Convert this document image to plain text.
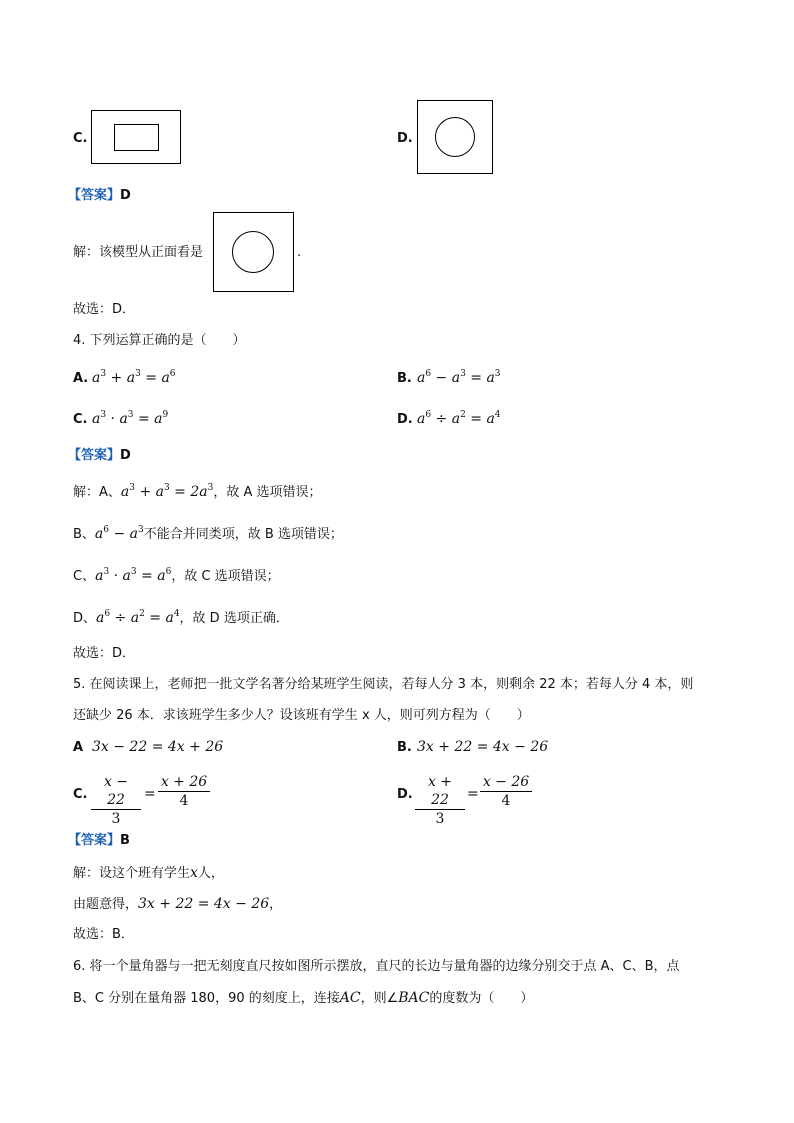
C.	D.
【答案】D
解：该模型从正面看是	.
故选：D．
4. 下列运算正确的是（　　）
A. $a^3 + a^3 = a^6$	B. $a^6 - a^3 = a^3$
C. $a^3 \cdot a^3 = a^9$	D. $a^6 \div a^2 = a^4$
【答案】D
解：A、$a^3 + a^3 = 2a^3$，故 A 选项错误；
B、$a^6 - a^3$不能合并同类项，故 B 选项错误；
C、$a^3 \cdot a^3 = a^6$，故 C 选项错误；
D、$a^6 \div a^2 = a^4$，故 D 选项正确．
故选：D．
5. 在阅读课上，老师把一批文学名著分给某班学生阅读，若每人分 3 本，则剩余 22 本；若每人分 4 本，则
还缺少 26 本．求该班学生多少人？设该班有学生 x 人，则可列方程为（　　）
A 3x − 22 = 4x + 26	B. 3x + 22 = 4x − 26
C. $\frac{x - 22}{3} = \frac{x + 26}{4}$	D. $\frac{x + 22}{3} = \frac{x - 26}{4}$
【答案】B
解：设这个班有学生x人，
由题意得，3x + 22 = 4x − 26，
故选：B．
6. 将一个量角器与一把无刻度直尺按如图所示摆放，直尺的长边与量角器的边缘分别交于点 A、C、B，点
B、C 分别在量角器 180，90 的刻度上，连接AC，则∠BAC的度数为（　　）
